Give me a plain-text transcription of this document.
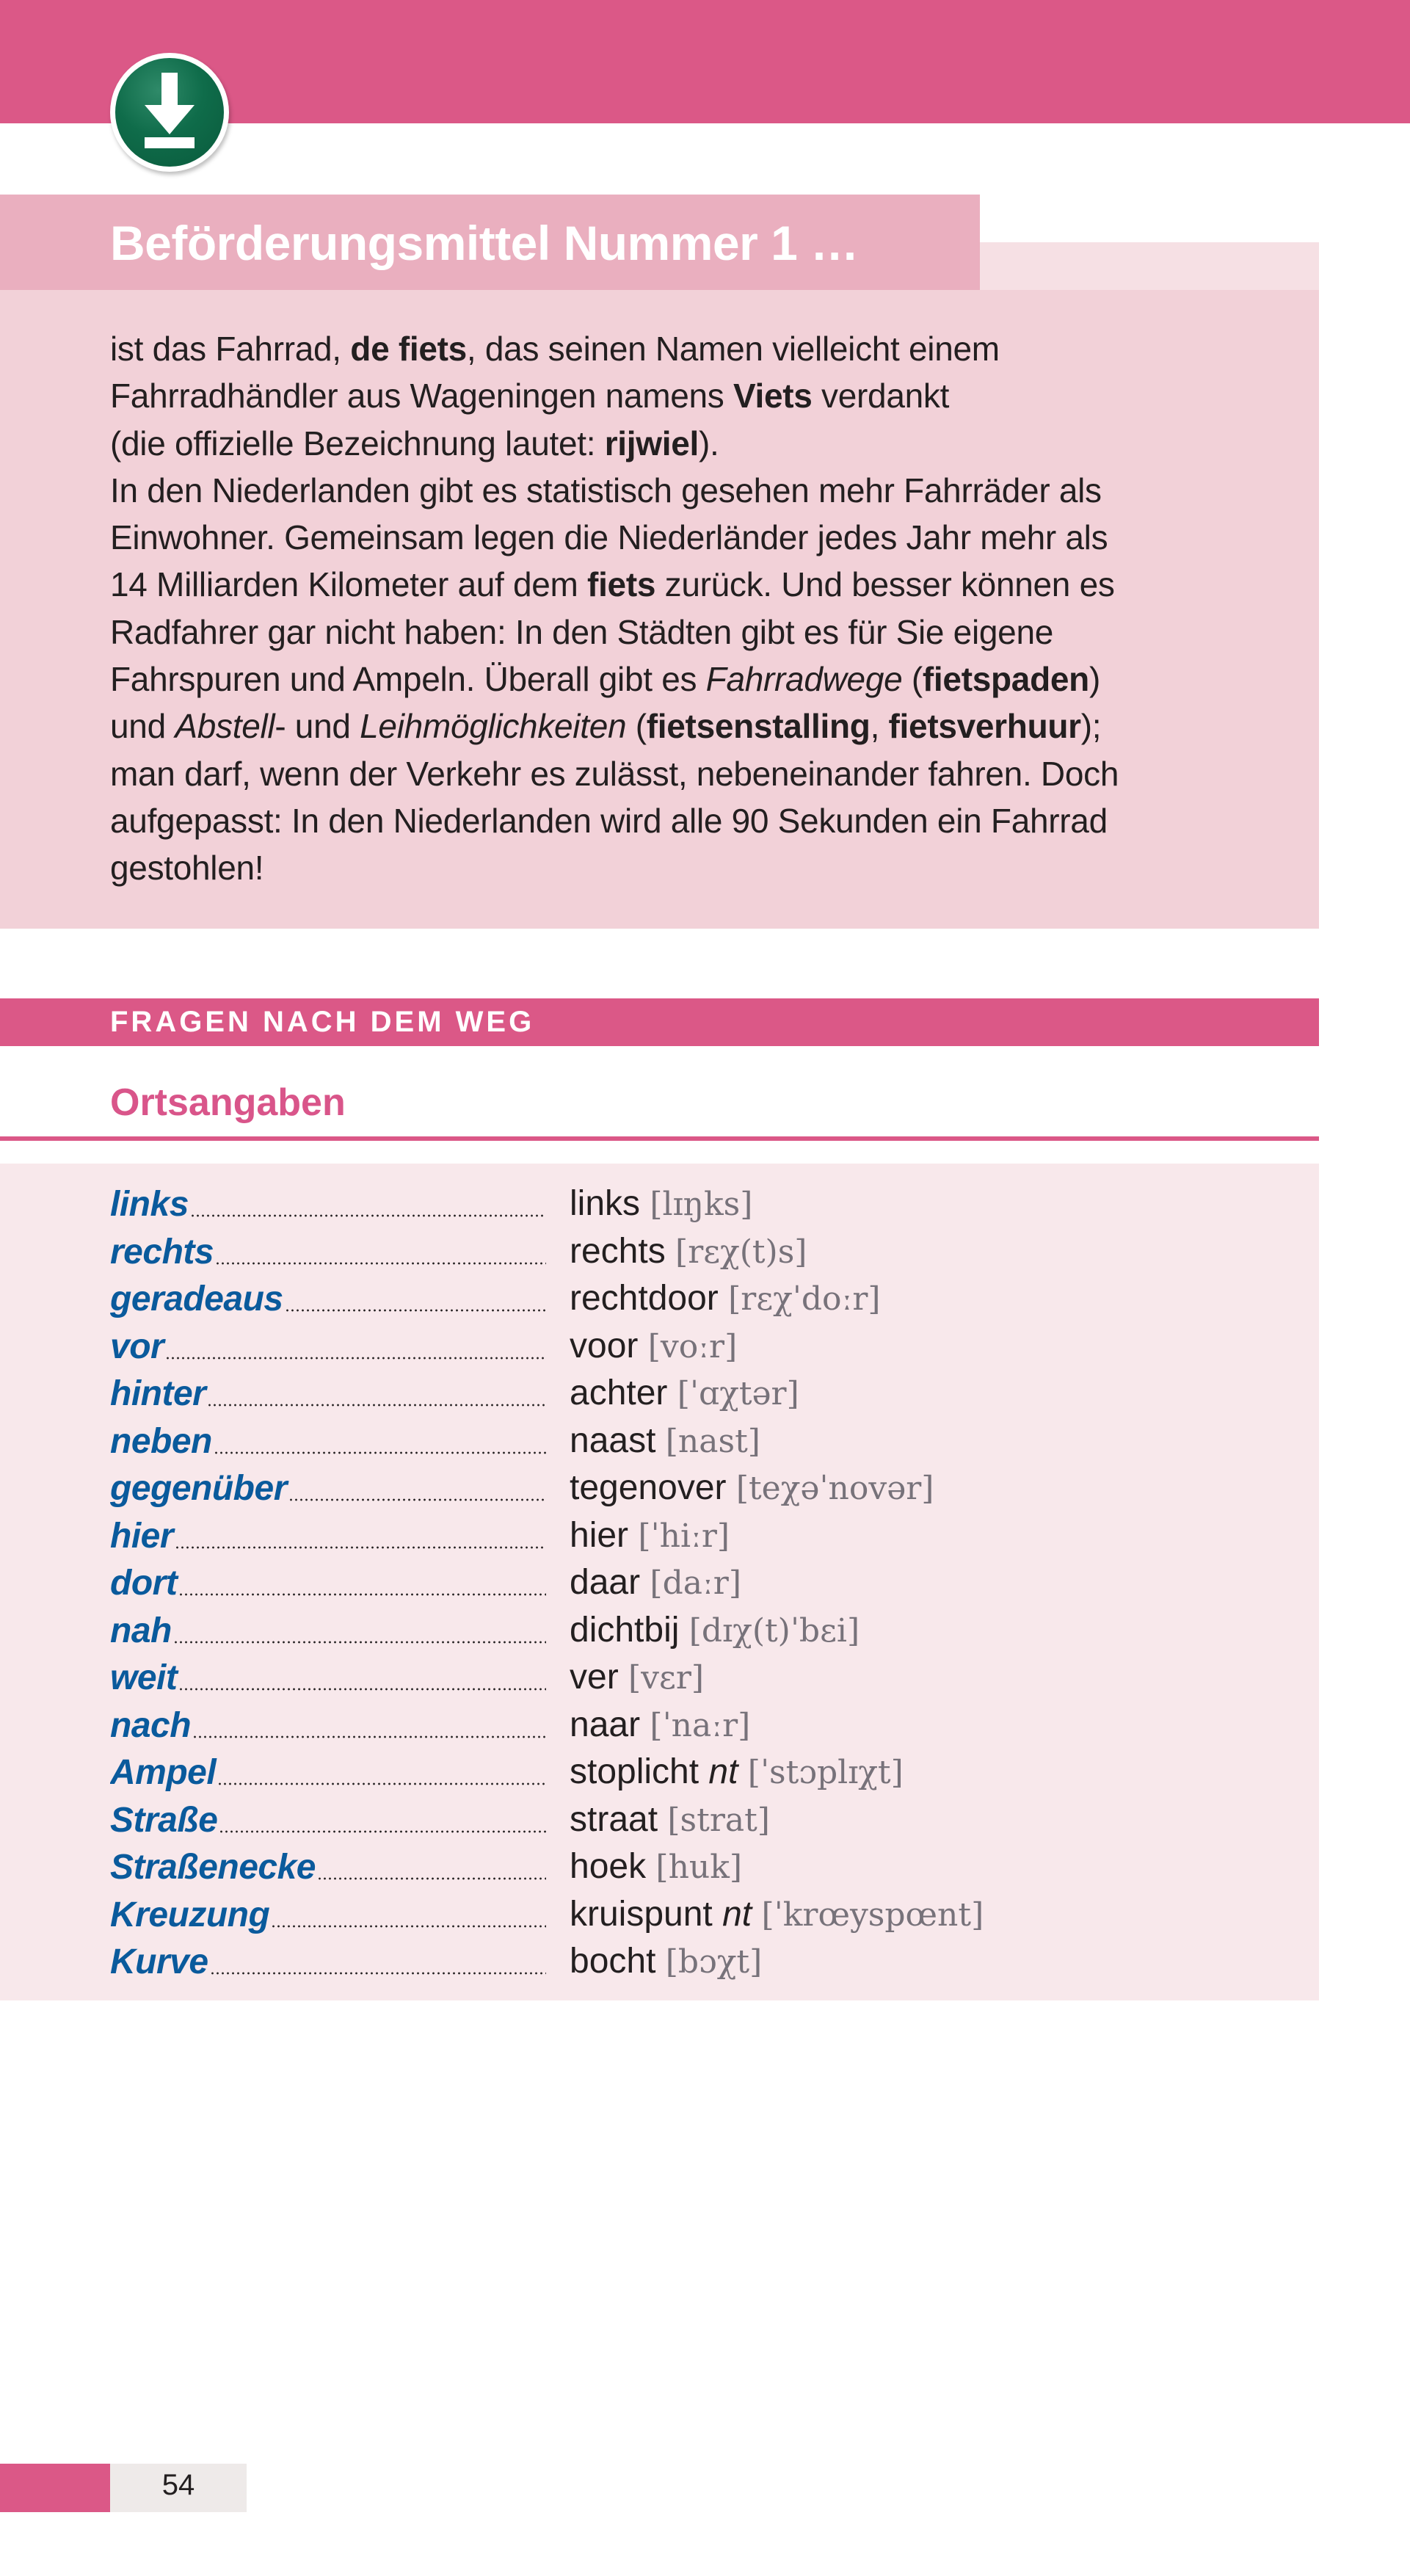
Beförderungsmittel Nummer 1 …
ist das Fahrrad, de fiets, das seinen Namen vielleicht einem
Fahrradhändler aus Wageningen namens Viets verdankt
(die offizielle Bezeichnung lautet: rijwiel).
In den Niederlanden gibt es statistisch gesehen mehr Fahrräder als
Einwohner. Gemeinsam legen die Niederländer jedes Jahr mehr als
14 Milliarden Kilometer auf dem fiets zurück. Und besser können es
Radfahrer gar nicht haben: In den Städten gibt es für Sie eigene
Fahrspuren und Ampeln. Überall gibt es Fahrradwege (fietspaden)
und Abstell- und Leihmöglichkeiten (fietsenstalling, fietsverhuur);
man darf, wenn der Verkehr es zulässt, nebeneinander fahren. Doch
aufgepasst: In den Niederlanden wird alle 90 Sekunden ein Fahrrad
gestohlen!
FRAGEN NACH DEM WEG
Ortsangaben
links	links [lɪŋks]
rechts	rechts [rɛχ(t)s]
geradeaus	rechtdoor [rɛχˈdoːr]
vor	voor [voːr]
hinter	achter [ˈɑχtər]
neben	naast [nast]
gegenüber	tegenover [teχəˈnovər]
hier	hier [ˈhiːr]
dort	daar [daːr]
nah	dichtbij [dɪχ(t)ˈbɛi]
weit	ver [vɛr]
nach	naar [ˈnaːr]
Ampel	stoplicht nt [ˈstɔplɪχt]
Straße	straat [strat]
Straßenecke	hoek [huk]
Kreuzung	kruispunt nt [ˈkrœyspœnt]
Kurve	bocht [bɔχt]
54
